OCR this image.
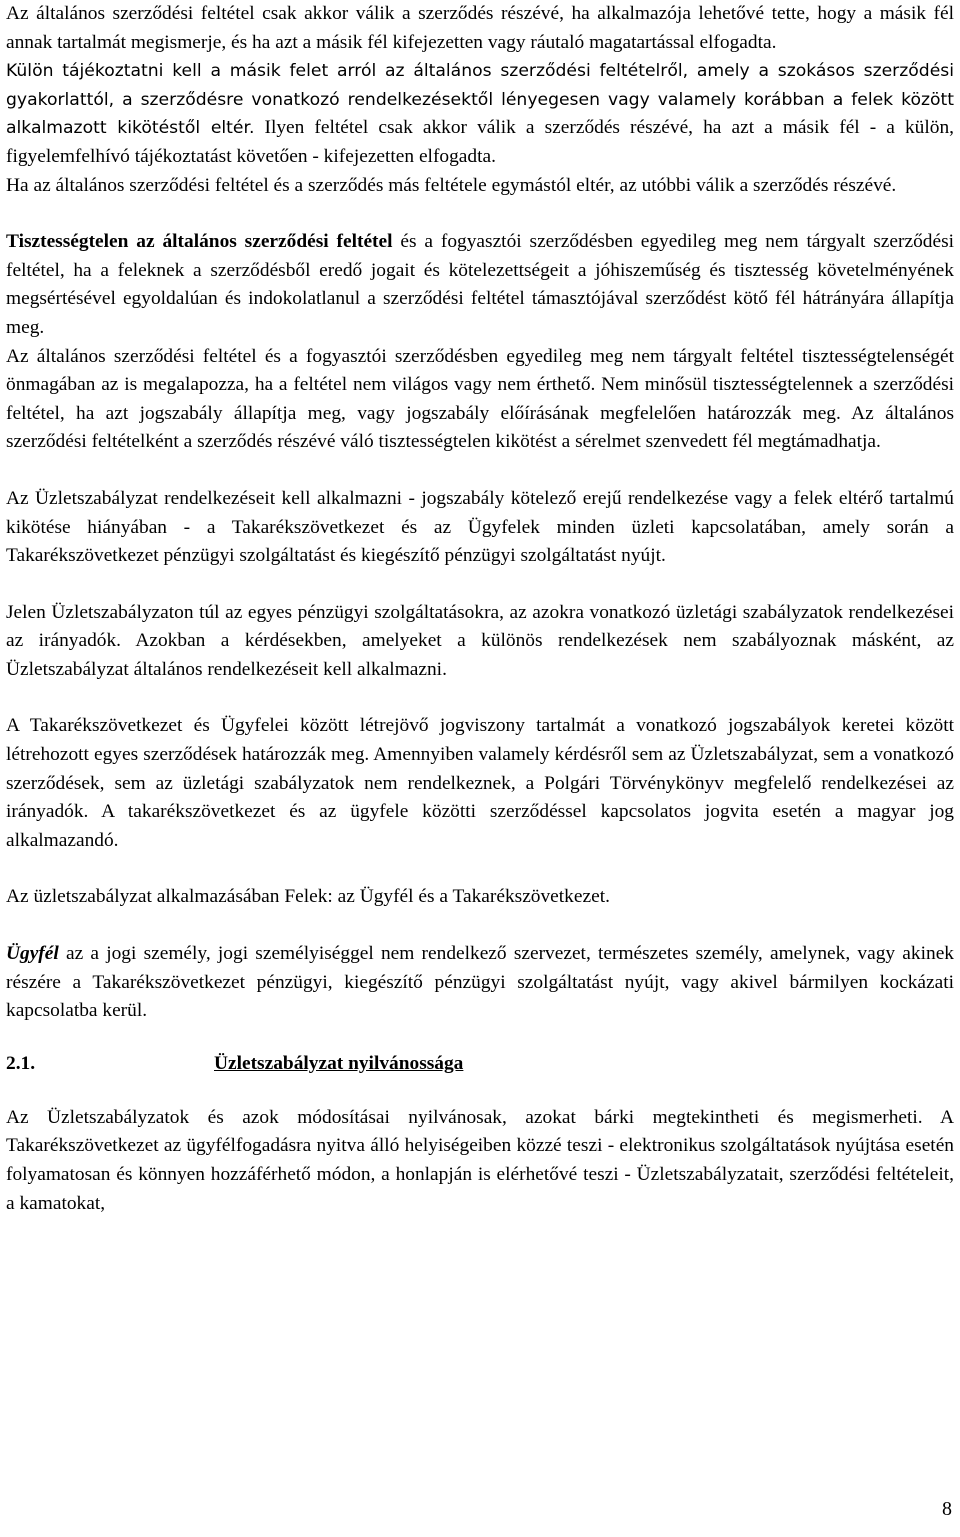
Az általános szerződési feltétel csak akkor válik a szerződés részévé, ha alkalmazója lehetővé tette, hogy a másik fél annak tartalmát megismerje, és ha azt a másik fél kifejezetten vagy ráutaló magatartással elfogadta.

Külön tájékoztatni kell a másik felet arról az általános szerződési feltételről, amely a szokásos szerződési gyakorlattól, a szerződésre vonatkozó rendelkezésektől lényegesen vagy valamely korábban a felek között alkalmazott kikötéstől eltér. Ilyen feltétel csak akkor válik a szerződés részévé, ha azt a másik fél - a külön, figyelemfelhívó tájékoztatást követően - kifejezetten elfogadta.

Ha az általános szerződési feltétel és a szerződés más feltétele egymástól eltér, az utóbbi válik a szerződés részévé.

Tisztességtelen az általános szerződési feltétel és a fogyasztói szerződésben egyedileg meg nem tárgyalt szerződési feltétel, ha a feleknek a szerződésből eredő jogait és kötelezettségeit a jóhiszeműség és tisztesség követelményének megsértésével egyoldalúan és indokolatlanul a szerződési feltétel támasztójával szerződést kötő fél hátrányára állapítja meg.

Az általános szerződési feltétel és a fogyasztói szerződésben egyedileg meg nem tárgyalt feltétel tisztességtelenségét önmagában az is megalapozza, ha a feltétel nem világos vagy nem érthető. Nem minősül tisztességtelennek a szerződési feltétel, ha azt jogszabály állapítja meg, vagy jogszabály előírásának megfelelően határozzák meg. Az általános szerződési feltételként a szerződés részévé váló tisztességtelen kikötést a sérelmet szenvedett fél megtámadhatja.

Az Üzletszabályzat rendelkezéseit kell alkalmazni - jogszabály kötelező erejű rendelkezése vagy a felek eltérő tartalmú kikötése hiányában - a Takarékszövetkezet és az Ügyfelek minden üzleti kapcsolatában, amely során a Takarékszövetkezet pénzügyi szolgáltatást és kiegészítő pénzügyi szolgáltatást nyújt.

Jelen Üzletszabályzaton túl az egyes pénzügyi szolgáltatásokra, az azokra vonatkozó üzletági szabályzatok rendelkezései az irányadók. Azokban a kérdésekben, amelyeket a különös rendelkezések nem szabályoznak másként, az Üzletszabályzat általános rendelkezéseit kell alkalmazni.

A Takarékszövetkezet és Ügyfelei között létrejövő jogviszony tartalmát a vonatkozó jogszabályok keretei között létrehozott egyes szerződések határozzák meg. Amennyiben valamely kérdésről sem az Üzletszabályzat, sem a vonatkozó szerződések, sem az üzletági szabályzatok nem rendelkeznek, a Polgári Törvénykönyv megfelelő rendelkezései az irányadók. A takarékszövetkezet és az ügyfele közötti szerződéssel kapcsolatos jogvita esetén a magyar jog alkalmazandó.

Az üzletszabályzat alkalmazásában Felek: az Ügyfél és a Takarékszövetkezet.

Ügyfél az a jogi személy, jogi személyiséggel nem rendelkező szervezet, természetes személy, amelynek, vagy akinek részére a Takarékszövetkezet pénzügyi, kiegészítő pénzügyi szolgáltatást nyújt, vagy akivel bármilyen kockázati kapcsolatba kerül.

2.1.	Üzletszabályzat nyilvánossága

Az Üzletszabályzatok és azok módosításai nyilvánosak, azokat bárki megtekintheti és megismerheti. A Takarékszövetkezet az ügyfélfogadásra nyitva álló helyiségeiben közzé teszi - elektronikus szolgáltatások nyújtása esetén folyamatosan és könnyen hozzáférhető módon, a honlapján is elérhetővé teszi - Üzletszabályzatait, szerződési feltételeit, a kamatokat,

8
